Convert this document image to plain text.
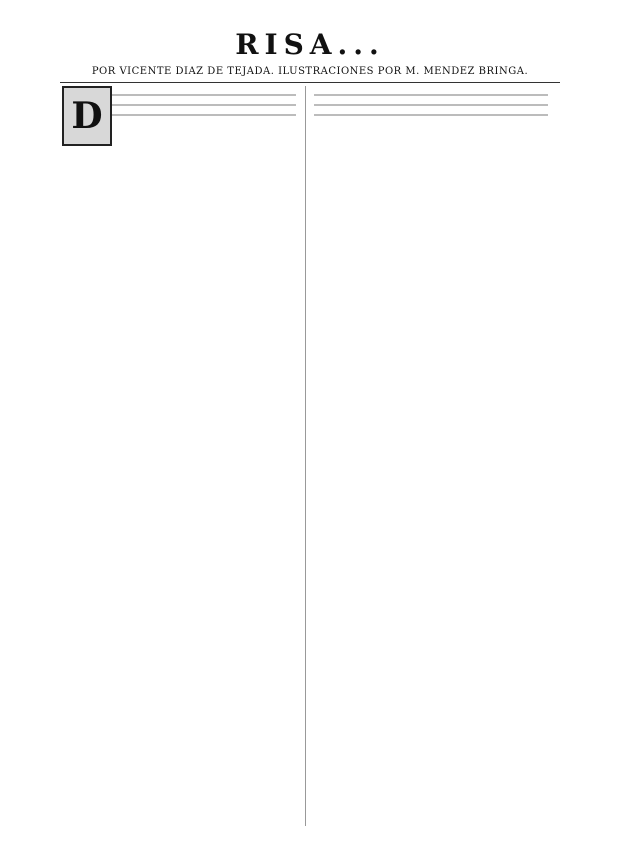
RISA...
POR VICENTE DÍAZ DE TEJADA. ILUSTRACIONES POR M. MÉNDEZ BRINGA.
D
